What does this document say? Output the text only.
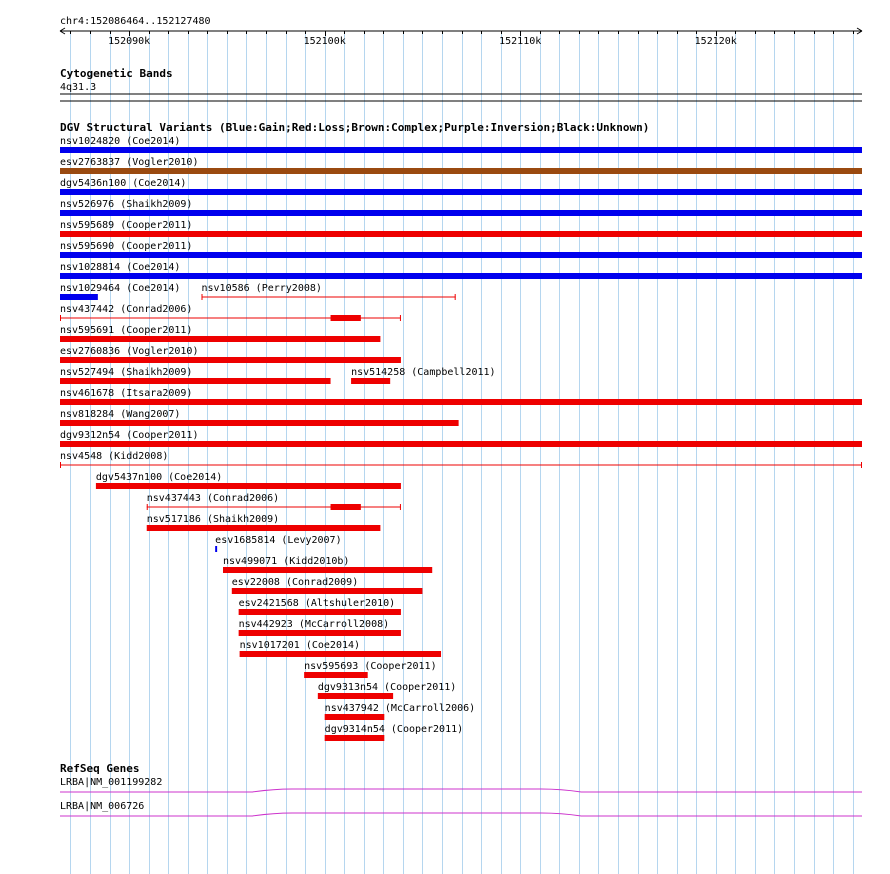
chr4:152086464..152127480
152090k	152100k	152110k	152120k
Cytogenetic Bands
4q31.3
DGV Structural Variants (Blue:Gain;Red:Loss;Brown:Complex;Purple:Inversion;Black:Unknown)
nsv1024820 (Coe2014)
esv2763837 (Vogler2010)
dgv5436n100 (Coe2014)
nsv526976 (Shaikh2009)
nsv595689 (Cooper2011)
nsv595690 (Cooper2011)
nsv1028814 (Coe2014)
nsv1029464 (Coe2014) nsv10586 (Perry2008)
nsv437442 (Conrad2006)
nsv595691 (Cooper2011)
esv2760836 (Vogler2010)
nsv527494 (Shaikh2009)	nsv514258 (Campbell2011)
nsv461678 (Itsara2009)
nsv818284 (Wang2007)
dgv9312n54 (Cooper2011)
nsv4548 (Kidd2008)
dgv5437n100 (Coe2014)
nsv437443 (Conrad2006)
nsv517186 (Shaikh2009)
esv1685814 (Levy2007)
nsv499071 (Kidd2010b)
esv22008 (Conrad2009)
esv2421568 (Altshuler2010)
nsv442923 (McCarroll2008)
nsv1017201 (Coe2014)
nsv595693 (Cooper2011)
dgv9313n54 (Cooper2011)
nsv437942 (McCarroll2006)
dgv9314n54 (Cooper2011)
RefSeq Genes
LRBA|NM_001199282
LRBA|NM_006726
